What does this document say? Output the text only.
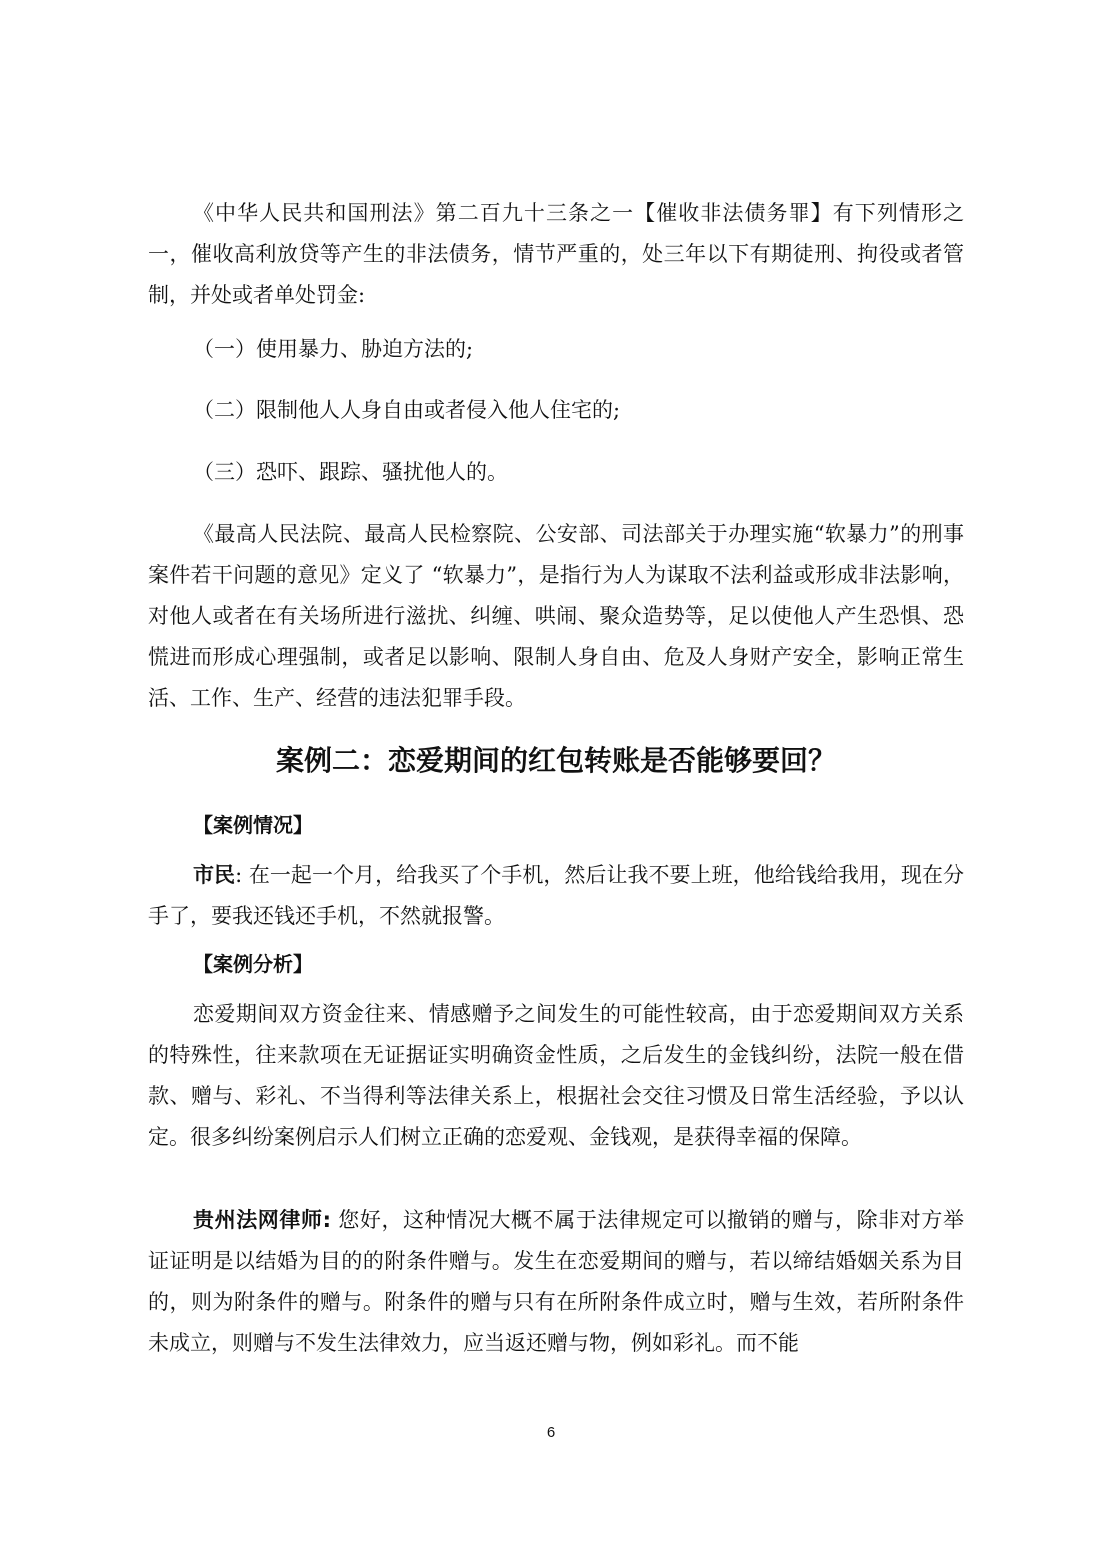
《中华人民共和国刑法》第二百九十三条之一【催收非法债务罪】有下列情形之一，催收高利放贷等产生的非法债务，情节严重的，处三年以下有期徒刑、拘役或者管制，并处或者单处罚金:

（一）使用暴力、胁迫方法的;

（二）限制他人人身自由或者侵入他人住宅的;

（三）恐吓、跟踪、骚扰他人的。

《最高人民法院、最高人民检察院、公安部、司法部关于办理实施“软暴力”的刑事案件若干问题的意见》定义了 “软暴力”，是指行为人为谋取不法利益或形成非法影响，对他人或者在有关场所进行滋扰、纠缠、哄闹、聚众造势等，足以使他人产生恐惧、恐慌进而形成心理强制，或者足以影响、限制人身自由、危及人身财产安全，影响正常生活、工作、生产、经营的违法犯罪手段。

案例二：恋爱期间的红包转账是否能够要回？

【案例情况】

市民: 在一起一个月，给我买了个手机，然后让我不要上班，他给钱给我用，现在分手了，要我还钱还手机，不然就报警。

【案例分析】

恋爱期间双方资金往来、情感赠予之间发生的可能性较高，由于恋爱期间双方关系的特殊性，往来款项在无证据证实明确资金性质，之后发生的金钱纠纷，法院一般在借款、赠与、彩礼、不当得利等法律关系上，根据社会交往习惯及日常生活经验，予以认定。很多纠纷案例启示人们树立正确的恋爱观、金钱观，是获得幸福的保障。

贵州法网律师: 您好，这种情况大概不属于法律规定可以撤销的赠与，除非对方举证证明是以结婚为目的的附条件赠与。发生在恋爱期间的赠与，若以缔结婚姻关系为目的，则为附条件的赠与。附条件的赠与只有在所附条件成立时，赠与生效，若所附条件未成立，则赠与不发生法律效力，应当返还赠与物，例如彩礼。而不能

6
